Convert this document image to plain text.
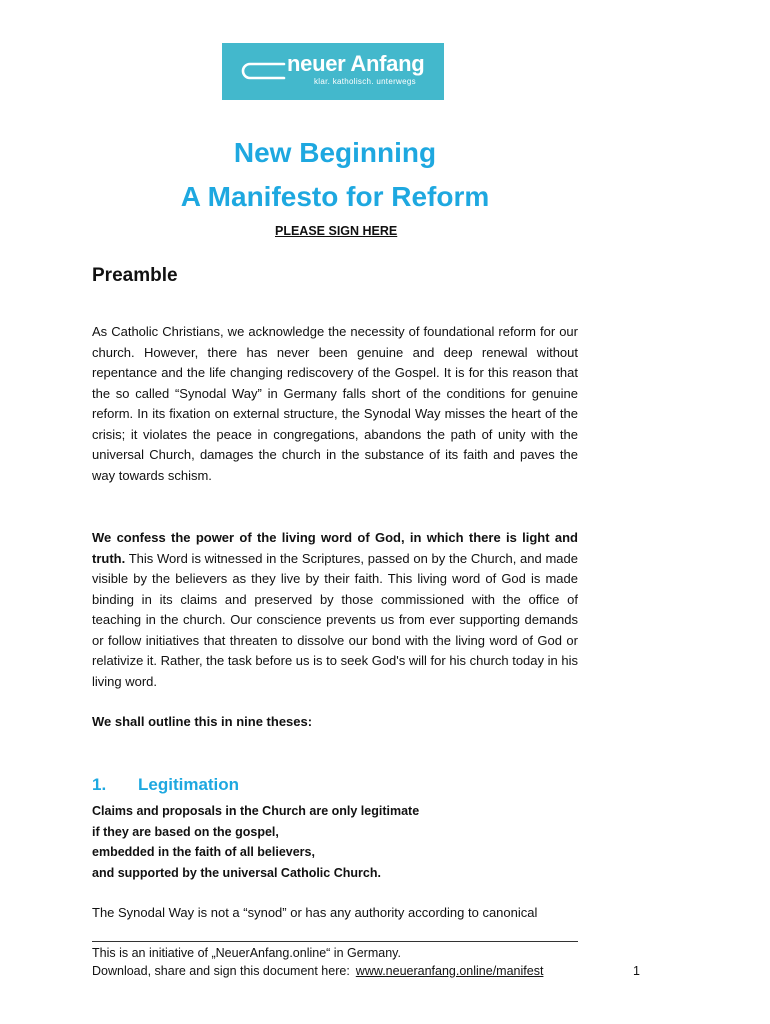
neuer Anfang
klar. katholisch. unterwegs
New Beginning
A Manifesto for Reform
PLEASE SIGN HERE
Preamble
As Catholic Christians, we acknowledge the necessity of foundational reform for our church. However, there has never been genuine and deep renewal without repentance and the life changing rediscovery of the Gospel. It is for this reason that the so called “Synodal Way” in Germany falls short of the conditions for genuine reform. In its fixation on external structure, the Synodal Way misses the heart of the crisis; it violates the peace in congregations, abandons the path of unity with the universal Church, damages the church in the substance of its faith and paves the way towards schism.
We confess the power of the living word of God, in which there is light and truth. This Word is witnessed in the Scriptures, passed on by the Church, and made visible by the believers as they live by their faith. This living word of God is made binding in its claims and preserved by those commissioned with the office of teaching in the church. Our conscience prevents us from ever supporting demands or follow initiatives that threaten to dissolve our bond with the living word of God or relativize it. Rather, the task before us is to seek God's will for his church today in his living word.
We shall outline this in nine theses:
1. Legitimation
Claims and proposals in the Church are only legitimate
if they are based on the gospel,
embedded in the faith of all believers,
and supported by the universal Catholic Church.
The Synodal Way is not a “synod” or has any authority according to canonical
This is an initiative of „NeuerAnfang.online“ in Germany.
Download, share and sign this document here: www.neueranfang.online/manifest	1
